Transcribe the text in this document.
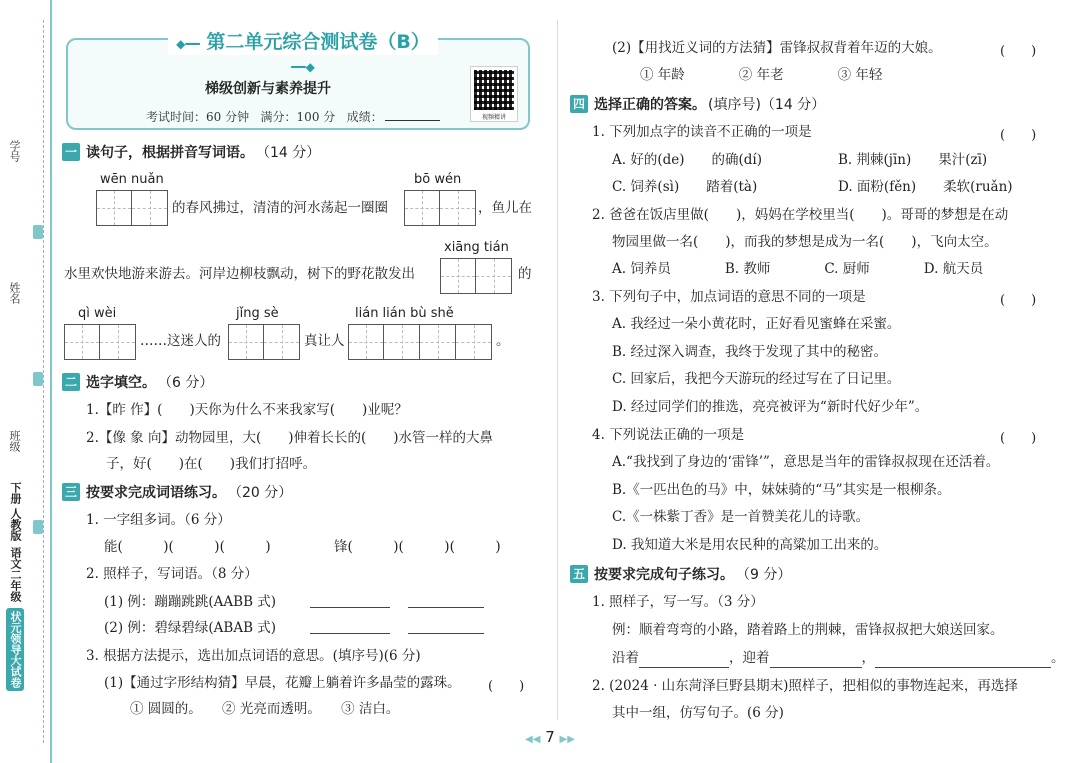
学号
姓名
班级
下册 人教版
语文二年级
状元领导大试卷
◆━━ 第二单元综合测试卷（B） ━━◆
梯级创新与素养提升
考试时间：60 分钟 满分：100 分 成绩：	视频精讲
一 读句子，根据拼音写词语。 （14 分）
wēn nuǎn
的春风拂过，清清的河水荡起一圈圈
bō wén
，鱼儿在
xiāng tián
水里欢快地游来游去。河岸边柳枝飘动，树下的野花散发出	的
qì wèi
……这迷人的
jǐng sè
真让人
lián lián bù shě
。
二 选字填空。 （6 分）
1.【昨 作】(　　)天你为什么不来我家写(　　)业呢？
2.【像 象 向】动物园里，大(　　)伸着长长的(　　)水管一样的大鼻
子，好(　　)在(　　)我们打招呼。
三 按要求完成词语练习。 （20 分）
1. 一字组多词。（6 分）
能(　　　)(　　　)(　　　)	锋(　　　)(　　　)(　　　)
2. 照样子，写词语。（8 分）
(1) 例：蹦蹦跳跳(AABB 式)
(2) 例：碧绿碧绿(ABAB 式)
3. 根据方法提示，选出加点词语的意思。(填序号)(6 分)
(1)【通过字形结构猜】早晨，花瓣上躺着许多晶莹的露珠。 (　　)
① 圆圆的。　　② 光亮而透明。　　③ 洁白。
(2)【用找近义词的方法猜】雷锋叔叔背着年迈的大娘。	(　　)
① 年龄　　　　② 年老　　　　③ 年轻
四 选择正确的答案。 (填序号)（14 分）
1. 下列加点字的读音不正确的一项是	(　　)
A. 好的(de)　　的确(dí)	B. 荆棘(jīn)　　果汁(zī)
C. 饲养(sì)　　踏着(tà)	D. 面粉(fěn)　　柔软(ruǎn)
2. 爸爸在饭店里做(　　)，妈妈在学校里当(　　)。哥哥的梦想是在动
物园里做一名(　　)，而我的梦想是成为一名(　　)，飞向太空。
A. 饲养员　　　　B. 教师　　　　C. 厨师　　　　D. 航天员
3. 下列句子中，加点词语的意思不同的一项是	(　　)
A. 我经过一朵小黄花时，正好看见蜜蜂在采蜜。
B. 经过深入调查，我终于发现了其中的秘密。
C. 回家后，我把今天游玩的经过写在了日记里。
D. 经过同学们的推选，亮亮被评为“新时代好少年”。
4. 下列说法正确的一项是	(　　)
A.“我找到了身边的‘雷锋’”，意思是当年的雷锋叔叔现在还活着。
B.《一匹出色的马》中，妹妹骑的“马”其实是一根柳条。
C.《一株紫丁香》是一首赞美花儿的诗歌。
D. 我知道大米是用农民种的高粱加工出来的。
五 按要求完成句子练习。 （9 分）
1. 照样子，写一写。（3 分）
例：顺着弯弯的小路，踏着路上的荆棘，雷锋叔叔把大娘送回家。
沿着	，迎着	，	。
2. (2024 · 山东菏泽巨野县期末)照样子，把相似的事物连起来，再选择
其中一组，仿写句子。(6 分)
◀◀ 7 ▶▶
